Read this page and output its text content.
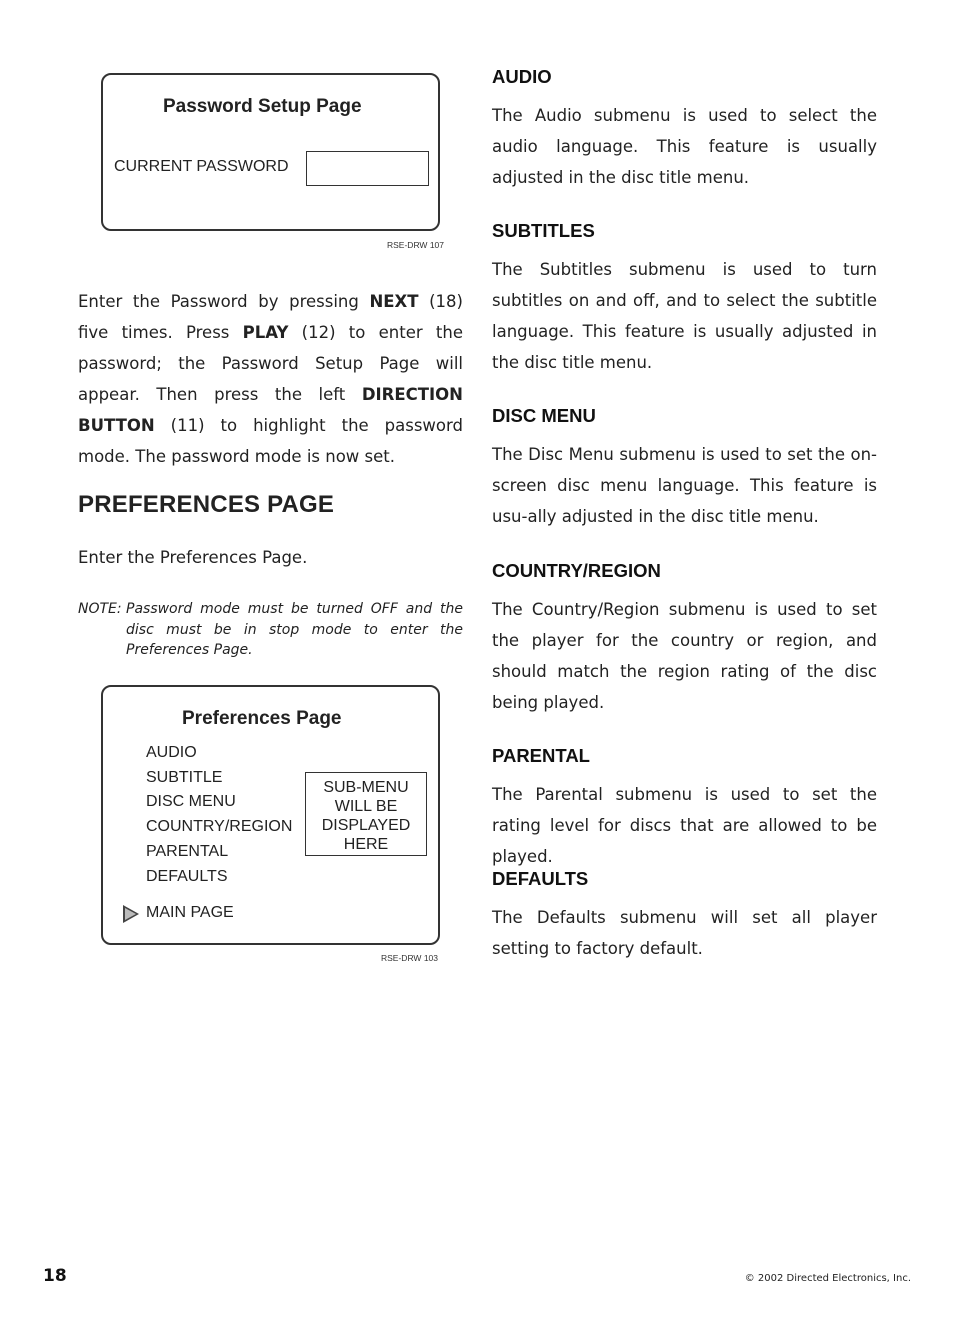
Password Setup Page
CURRENT PASSWORD
RSE-DRW 107

Enter the Password by pressing NEXT (18) five times. Press PLAY (12) to enter the password; the Password Setup Page will appear. Then press the left DIRECTION BUTTON (11) to highlight the password mode. The password mode is now set.

PREFERENCES PAGE

Enter the Preferences Page.

NOTE: Password mode must be turned OFF and the disc must be in stop mode to enter the Preferences Page.
Preferences Page
AUDIO
SUBTITLE
DISC MENU
COUNTRY/REGION
PARENTAL
DEFAULTS
SUB-MENU
WILL BE
DISPLAYED
HERE
MAIN PAGE
RSE-DRW 103
AUDIO

The Audio submenu is used to select the audio language. This feature is usually adjusted in the disc title menu.

SUBTITLES

The Subtitles submenu is used to turn subtitles on and off, and to select the subtitle language. This feature is usually adjusted in the disc title menu.

DISC MENU

The Disc Menu submenu is used to set the on-screen disc menu language. This feature is usu-ally adjusted in the disc title menu.

COUNTRY/REGION

The Country/Region submenu is used to set the player for the country or region, and should match the region rating of the disc being played.

PARENTAL

The Parental submenu is used to set the rating level for discs that are allowed to be played.

DEFAULTS

The Defaults submenu will set all player setting to factory default.

18	© 2002 Directed Electronics, Inc.
